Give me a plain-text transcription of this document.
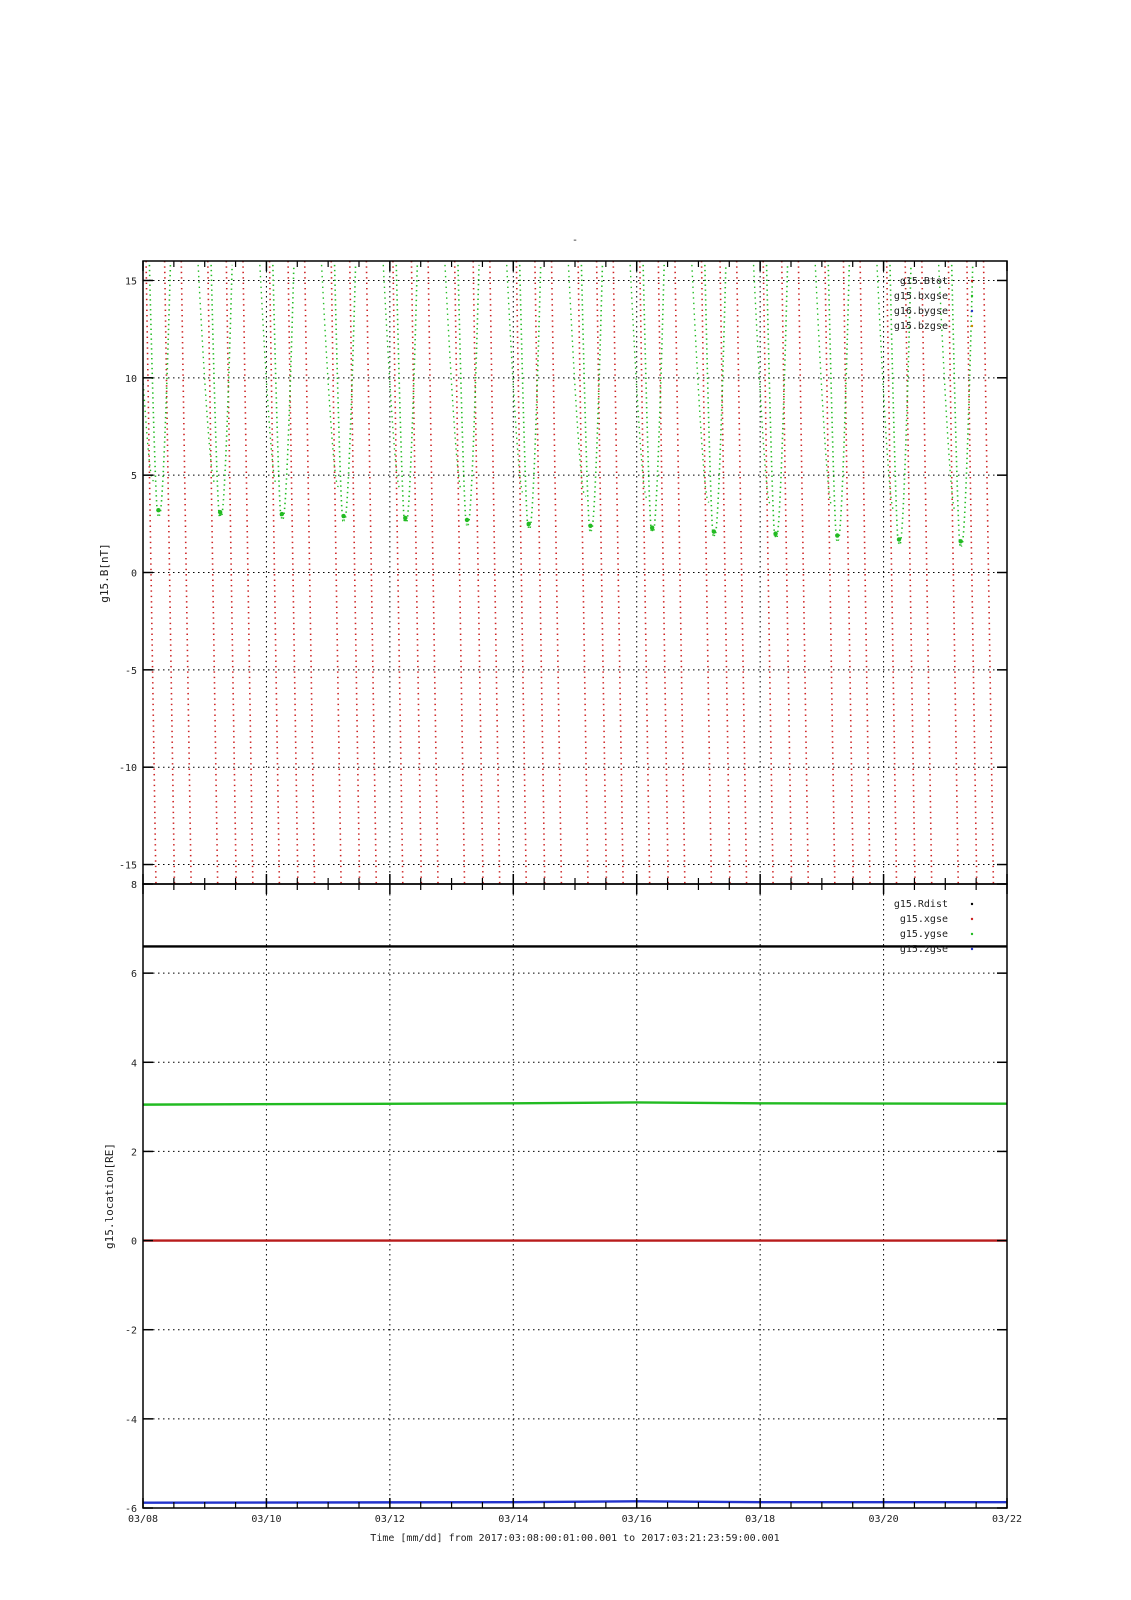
-
-15
-10
-5
0
5
10
15
g15.B[nT]
g15.Btot
g15.bxgse
g16.bygse
g15.bzgse
-6
-4
-2
0
2
4
6
8
g15.location[RE]
g15.Rdist
g15.xgse
g15.ygse
g15.zgse
03/08	03/10	03/12	03/14	03/16	03/18	03/20	03/22
Time [mm/dd] from 2017:03:08:00:01:00.001 to 2017:03:21:23:59:00.001
